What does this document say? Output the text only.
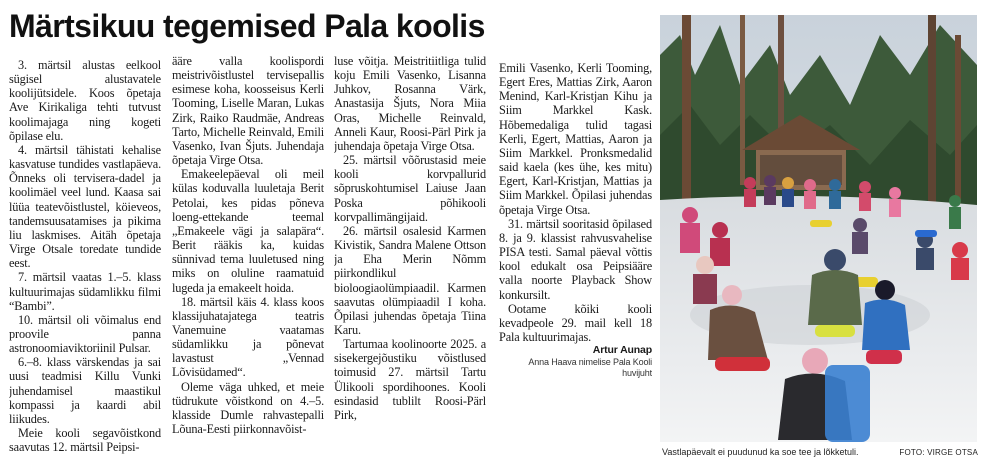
Märtsikuu tegemised Pala koolis

3. märtsil alustas eelkool sügisel alustavatele koolijütsidele. Koos õpetaja Ave Kirikaliga tehti tutvust koolimajaga ning kogeti õpilase elu.

4. märtsil tähistati kehalise kasvatuse tundides vastlapäeva. Õnneks oli tervisera-dadel ja koolimäel veel lund. Kaasa sai lüüa teatevõistlustel, köieveos, tandemsuusatamises ja pikima liu laskmises. Aitäh õpetaja Virge Otsale toredate tundide eest.

7. märtsil vaatas 1.–5. klass kultuurimajas südamlikku filmi “Bambi”.

10. märtsil oli võimalus end proovile panna astronoomiaviktoriinil Pulsar.

6.–8. klass värskendas ja sai uusi teadmisi Killu Vunki juhendamisel maastikul kompassi ja kaardi abil liikudes.

Meie kooli segavõistkond saavutas 12. märtsil Peipsi-

ääre valla koolispordi meistrivõistlustel tervisepallis esimese koha, koosseisus Kerli Tooming, Liselle Maran, Lukas Zirk, Raiko Raudmäe, Andreas Tarto, Michelle Reinvald, Emili Vasenko, Ivan Šjuts. Juhendaja õpetaja Virge Otsa.

Emakeelepäeval oli meil külas koduvalla luuletaja Berit Petolai, kes pidas põneva loeng-ettekande teemal „Emakeele vägi ja salapära“. Berit rääkis ka, kuidas sünnivad tema luuletused ning miks on oluline raamatuid lugeda ja emakeelt hoida.

18. märtsil käis 4. klass koos klassijuhatajatega teatris Vanemuine vaatamas südamlikku ja põnevat lavastust „Vennad Lõvisüdamed“.

Oleme väga uhked, et meie tüdrukute võistkond on 4.–5. klasside Dumle rahvastepalli Lõuna-Eesti piirkonnavõist-

luse võitja. Meistritiitliga tulid koju Emili Vasenko, Lisanna Juhkov, Rosanna Värk, Anastasija Šjuts, Nora Miia Oras, Michelle Reinvald, Anneli Kaur, Roosi-Pärl Pirk ja juhendaja õpetaja Virge Otsa.

25. märtsil võõrustasid meie kooli korvpallurid sõpruskohtumisel Laiuse Jaan Poska põhikooli korvpallimängijaid.

26. märtsil osalesid Karmen Kivistik, Sandra Malene Ottson ja Eha Merin Nõmm piirkondlikul bioloogiaolümpiaadil. Karmen saavutas olümpiaadil I koha. Õpilasi juhendas õpetaja Tiina Karu.

Tartumaa koolinoorte 2025. a sisekergejõustiku võistlused toimusid 27. märtsil Tartu Ülikooli spordihoones. Kooli esindasid tublilt Roosi-Pärl Pirk,

Emili Vasenko, Kerli Tooming, Egert Eres, Mattias Zirk, Aaron Menind, Karl-Kristjan Kihu ja Siim Markkel Kask. Hõbemedaliga tulid tagasi Kerli, Egert, Mattias, Aaron ja Siim Markkel. Pronksmedalid said kaela (kes ühe, kes mitu) Egert, Karl-Kristjan, Mattias ja Siim Markkel. Õpilasi juhendas õpetaja Virge Otsa.

31. märtsil sooritasid õpilased 8. ja 9. klassist rahvusvahelise PISA testi. Samal päeval võttis kool edukalt osa Peipsiääre valla noorte Playback Show konkursilt.

Ootame kõiki kooli kevadpeole 29. mail kell 18 Pala kultuurimajas.

Artur Aunap
Anna Haava nimelise Pala Kooli huvijuht
Vastlapäevalt ei puudunud ka soe tee ja lõkketuli.	FOTO: VIRGE OTSA
